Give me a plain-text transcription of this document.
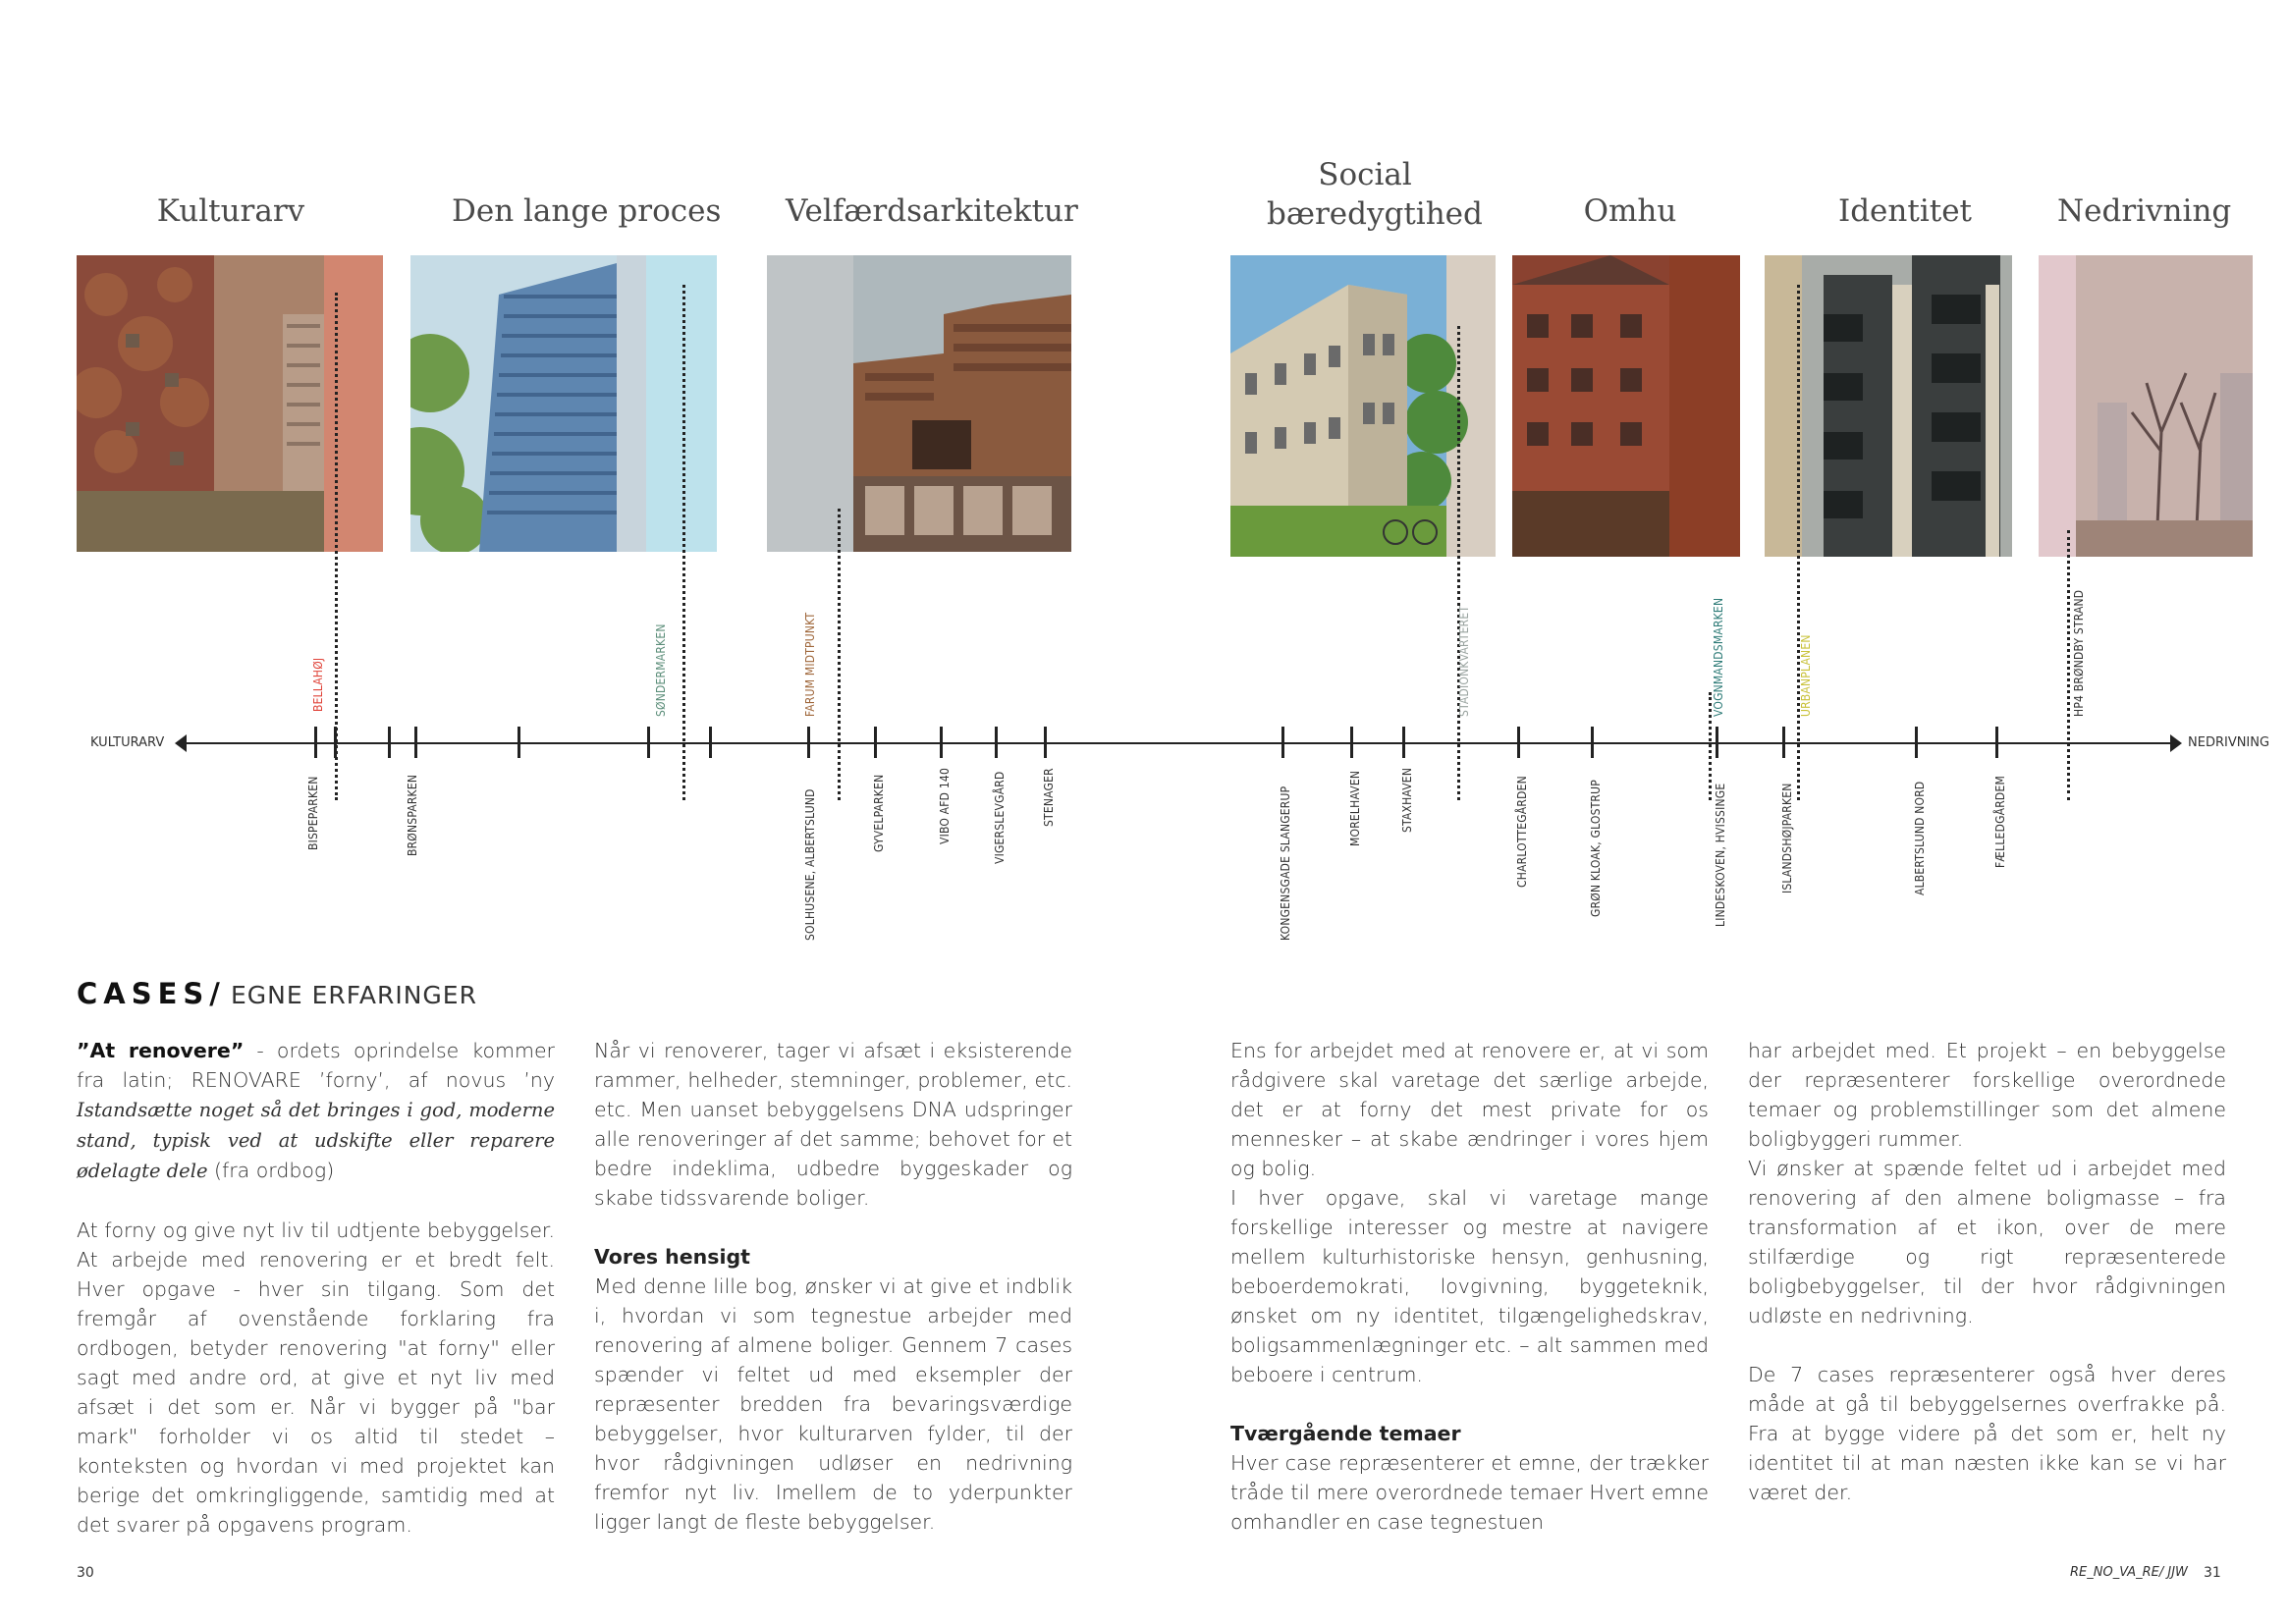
Kulturarv	Den lange proces Velfærdsarkitektur
Social bæredygtihed	Omhu	Identitet	Nedrivning
KULTURARV	NEDRIVNING
BELLAHØJ	SØNDERMARKEN	FARUM MIDTPUNKT	STADIONKVARTERET	VOGNMANDSMARKEN	URBANPLANEN	HP4 BRØNDBY STRAND
BISPEPARKEN	BRØNSPARKEN	SOLHUSENE, ALBERTSLUND	GYVELPARKEN	VIBO AFD 140	VIGERSLEVGÅRD	STENAGER	KONGENSGADE SLANGERUP	MORELHAVEN	STAXHAVEN	CHARLOTTEGÅRDEN	GRØN KLOAK, GLOSTRUP	LINDESKOVEN, HVISSINGE	ISLANDSHØJPARKEN	ALBERTSLUND NORD	FÆLLEDGÅRDEM
CASES/ EGNE ERFARINGER

”At renovere” - ordets oprindelse kommer fra latin; RENOVARE ’forny’, af novus ’ny Istandsætte noget så det bringes i god, moderne stand, typisk ved at udskifte eller reparere ødelagte dele (fra ordbog)

At forny og give nyt liv til udtjente bebyggelser. At arbejde med renovering er et bredt felt. Hver opgave - hver sin tilgang. Som det fremgår af ovenstående forklaring fra ordbogen, betyder renovering "at forny" eller sagt med andre ord, at give et nyt liv med afsæt i det som er. Når vi bygger på "bar mark" forholder vi os altid til stedet – konteksten og hvordan vi med projektet kan berige det omkringliggende, samtidig med at det svarer på opgavens program.

Når vi renoverer, tager vi afsæt i eksisterende rammer, helheder, stemninger, problemer, etc. etc. Men uanset bebyggelsens DNA udspringer alle renoveringer af det samme; behovet for et bedre indeklima, udbedre byggeskader og skabe tidssvarende boliger.

Vores hensigt

Med denne lille bog, ønsker vi at give et indblik i, hvordan vi som tegnestue arbejder med renovering af almene boliger. Gennem 7 cases spænder vi feltet ud med eksempler der repræsenter bredden fra bevaringsværdige bebyggelser, hvor kulturarven fylder, til der hvor rådgivningen udløser en nedrivning fremfor nyt liv. Imellem de to yderpunkter ligger langt de fleste bebyggelser.

Ens for arbejdet med at renovere er, at vi som rådgivere skal varetage det særlige arbejde, det er at forny det mest private for os mennesker – at skabe ændringer i vores hjem og bolig.

I hver opgave, skal vi varetage mange forskellige interesser og mestre at navigere mellem kulturhistoriske hensyn, genhusning, beboerdemokrati, lovgivning, byggeteknik, ønsket om ny identitet, tilgængelighedskrav, boligsammenlægninger etc. – alt sammen med beboere i centrum.

Tværgående temaer

Hver case repræsenterer et emne, der trækker tråde til mere overordnede temaer Hvert emne omhandler en case tegnestuen

har arbejdet med. Et projekt – en bebyggelse der repræsenterer forskellige overordnede temaer og problemstillinger som det almene boligbyggeri rummer.

Vi ønsker at spænde feltet ud i arbejdet med renovering af den almene boligmasse – fra transformation af et ikon, over de mere stilfærdige og rigt repræsenterede boligbebyggelser, til der hvor rådgivningen udløste en nedrivning.

De 7 cases repræsenterer også hver deres måde at gå til bebyggelsernes overfrakke på. Fra at bygge videre på det som er, helt ny identitet til at man næsten ikke kan se vi har været der.

30	RE_NO_VA_RE/ JJW 31
